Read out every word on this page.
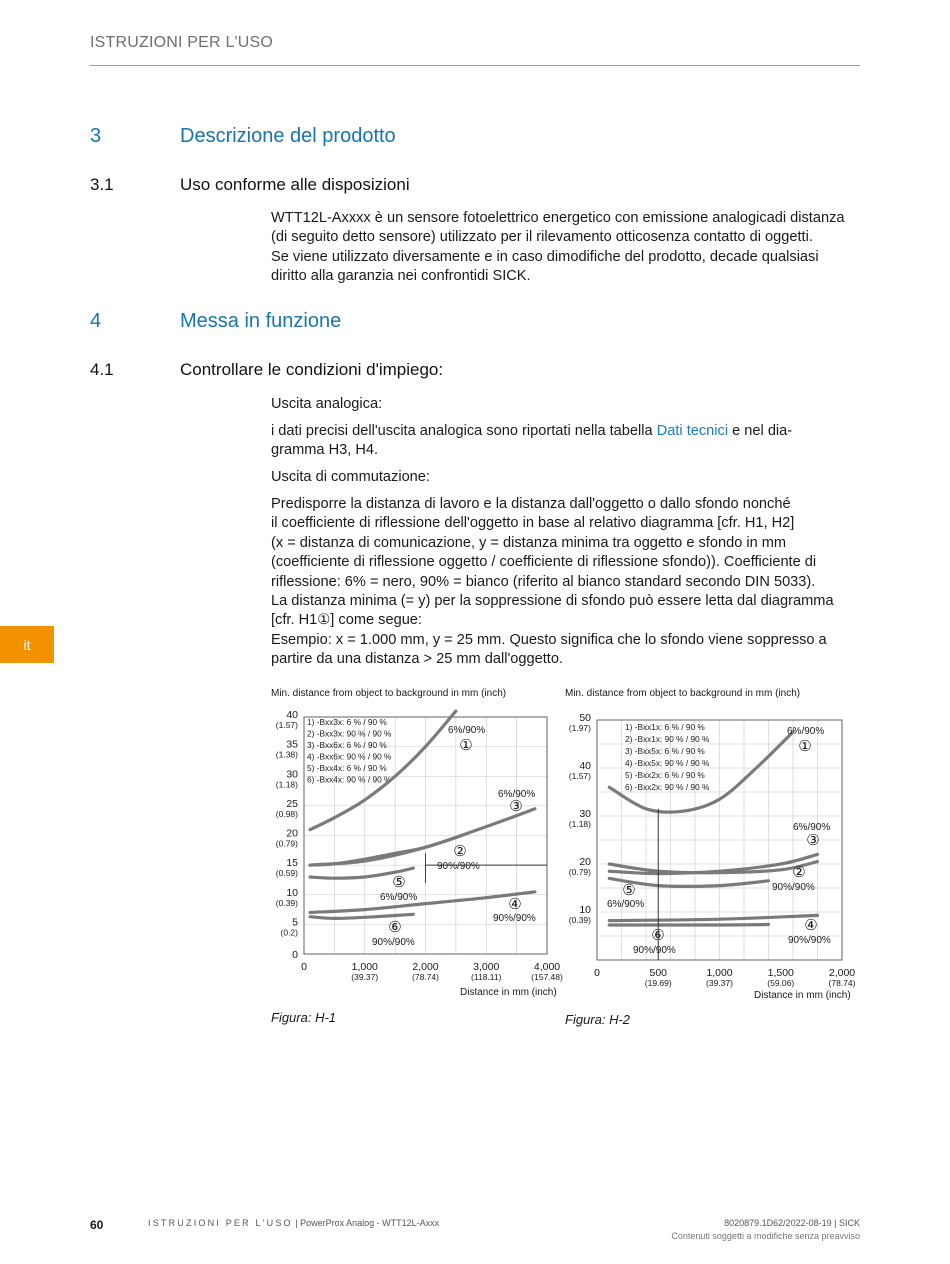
ISTRUZIONI PER L'USO
3	Descrizione del prodotto
3.1	Uso conforme alle disposizioni
WTT12L-Axxxx è un sensore fotoelettrico energetico con emissione analogicadi distanza
(di seguito detto sensore) utilizzato per il rilevamento otticosenza contatto di oggetti.
Se viene utilizzato diversamente e in caso dimodifiche del prodotto, decade qualsiasi
diritto alla garanzia nei confrontidi SICK.
4	Messa in funzione
4.1	Controllare le condizioni d'impiego:
Uscita analogica:
i dati precisi dell'uscita analogica sono riportati nella tabella Dati tecnici e nel dia-
gramma H3, H4.
Uscita di commutazione:
Predisporre la distanza di lavoro e la distanza dall'oggetto o dallo sfondo nonché
il coefficiente di riflessione dell'oggetto in base al relativo diagramma [cfr. H1, H2]
(x = distanza di comunicazione, y = distanza minima tra oggetto e sfondo in mm
(coefficiente di riflessione oggetto / coefficiente di riflessione sfondo)). Coefficiente di
riflessione: 6% = nero, 90% = bianco (riferito al bianco standard secondo DIN 5033).
La distanza minima (= y) per la soppressione di sfondo può essere letta dal diagramma
[cfr. H1①] come segue:
Esempio: x = 1.000 mm, y = 25 mm. Questo significa che lo sfondo viene soppresso a
partire da una distanza > 25 mm dall'oggetto.
it
Min. distance from object to background in mm (inch)	Min. distance from object to background in mm (inch)
40
(1.57)
35
(1.38)
30
(1.18)
25
(0.98)
20
(0.79)
15
(0.59)
10
(0.39)
5
(0.2)
0
0	1,000
(39.37)
2,000
(78.74)
3,000
(118.11)
4,000
(157.48)
Distance in mm (inch)
1) -Bxx3x: 6 % / 90 %
2) -Bxx3x: 90 % / 90 %
3) -Bxx6x: 6 % / 90 %
4) -Bxx6x: 90 % / 90 %
5) -Bxx4x: 6 % / 90 %
6) -Bxx4x: 90 % / 90 %
①
6%/90%
②
90%/90%
③
6%/90%
④
90%/90%
⑤
6%/90%
⑥
90%/90%
50
(1.97)
40
(1.57)
30
(1.18)
20
(0.79)
10
(0.39)
0	500
(19.69)
1,000
(39.37)
1,500
(59.06)
2,000
(78.74)
Distance in mm (inch)
1) -Bxx1x: 6 % / 90 %
2) -Bxx1x: 90 % / 90 %
3) -Bxx5x: 6 % / 90 %
4) -Bxx5x: 90 % / 90 %
5) -Bxx2x: 6 % / 90 %
6) -Bxx2x: 90 % / 90 %
①
6%/90%
②
90%/90%
③
6%/90%
④
90%/90%
⑤
6%/90%
⑥
90%/90%
Figura: H-1	Figura: H-2
60	ISTRUZIONI PER L'USO | PowerProx Analog - WTT12L-Axxx	8020879.1D62/2022-08-19 | SICK
Contenuti soggetti a modifiche senza preavviso
